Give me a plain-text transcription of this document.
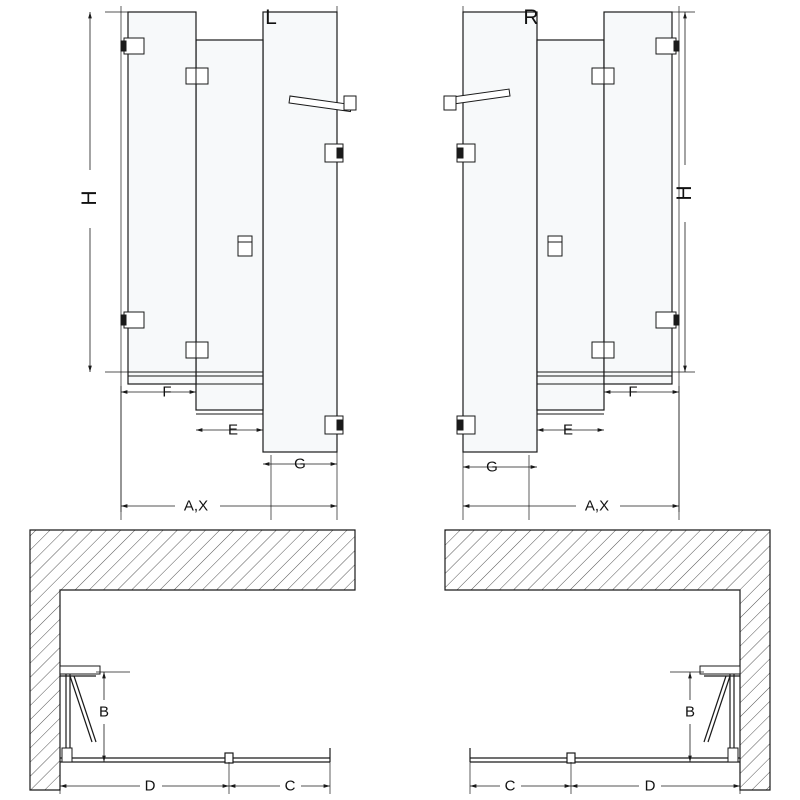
L	R
H	H
F
E
G	G
E
F
A,X	A,X
B	B
D	C	C	D
